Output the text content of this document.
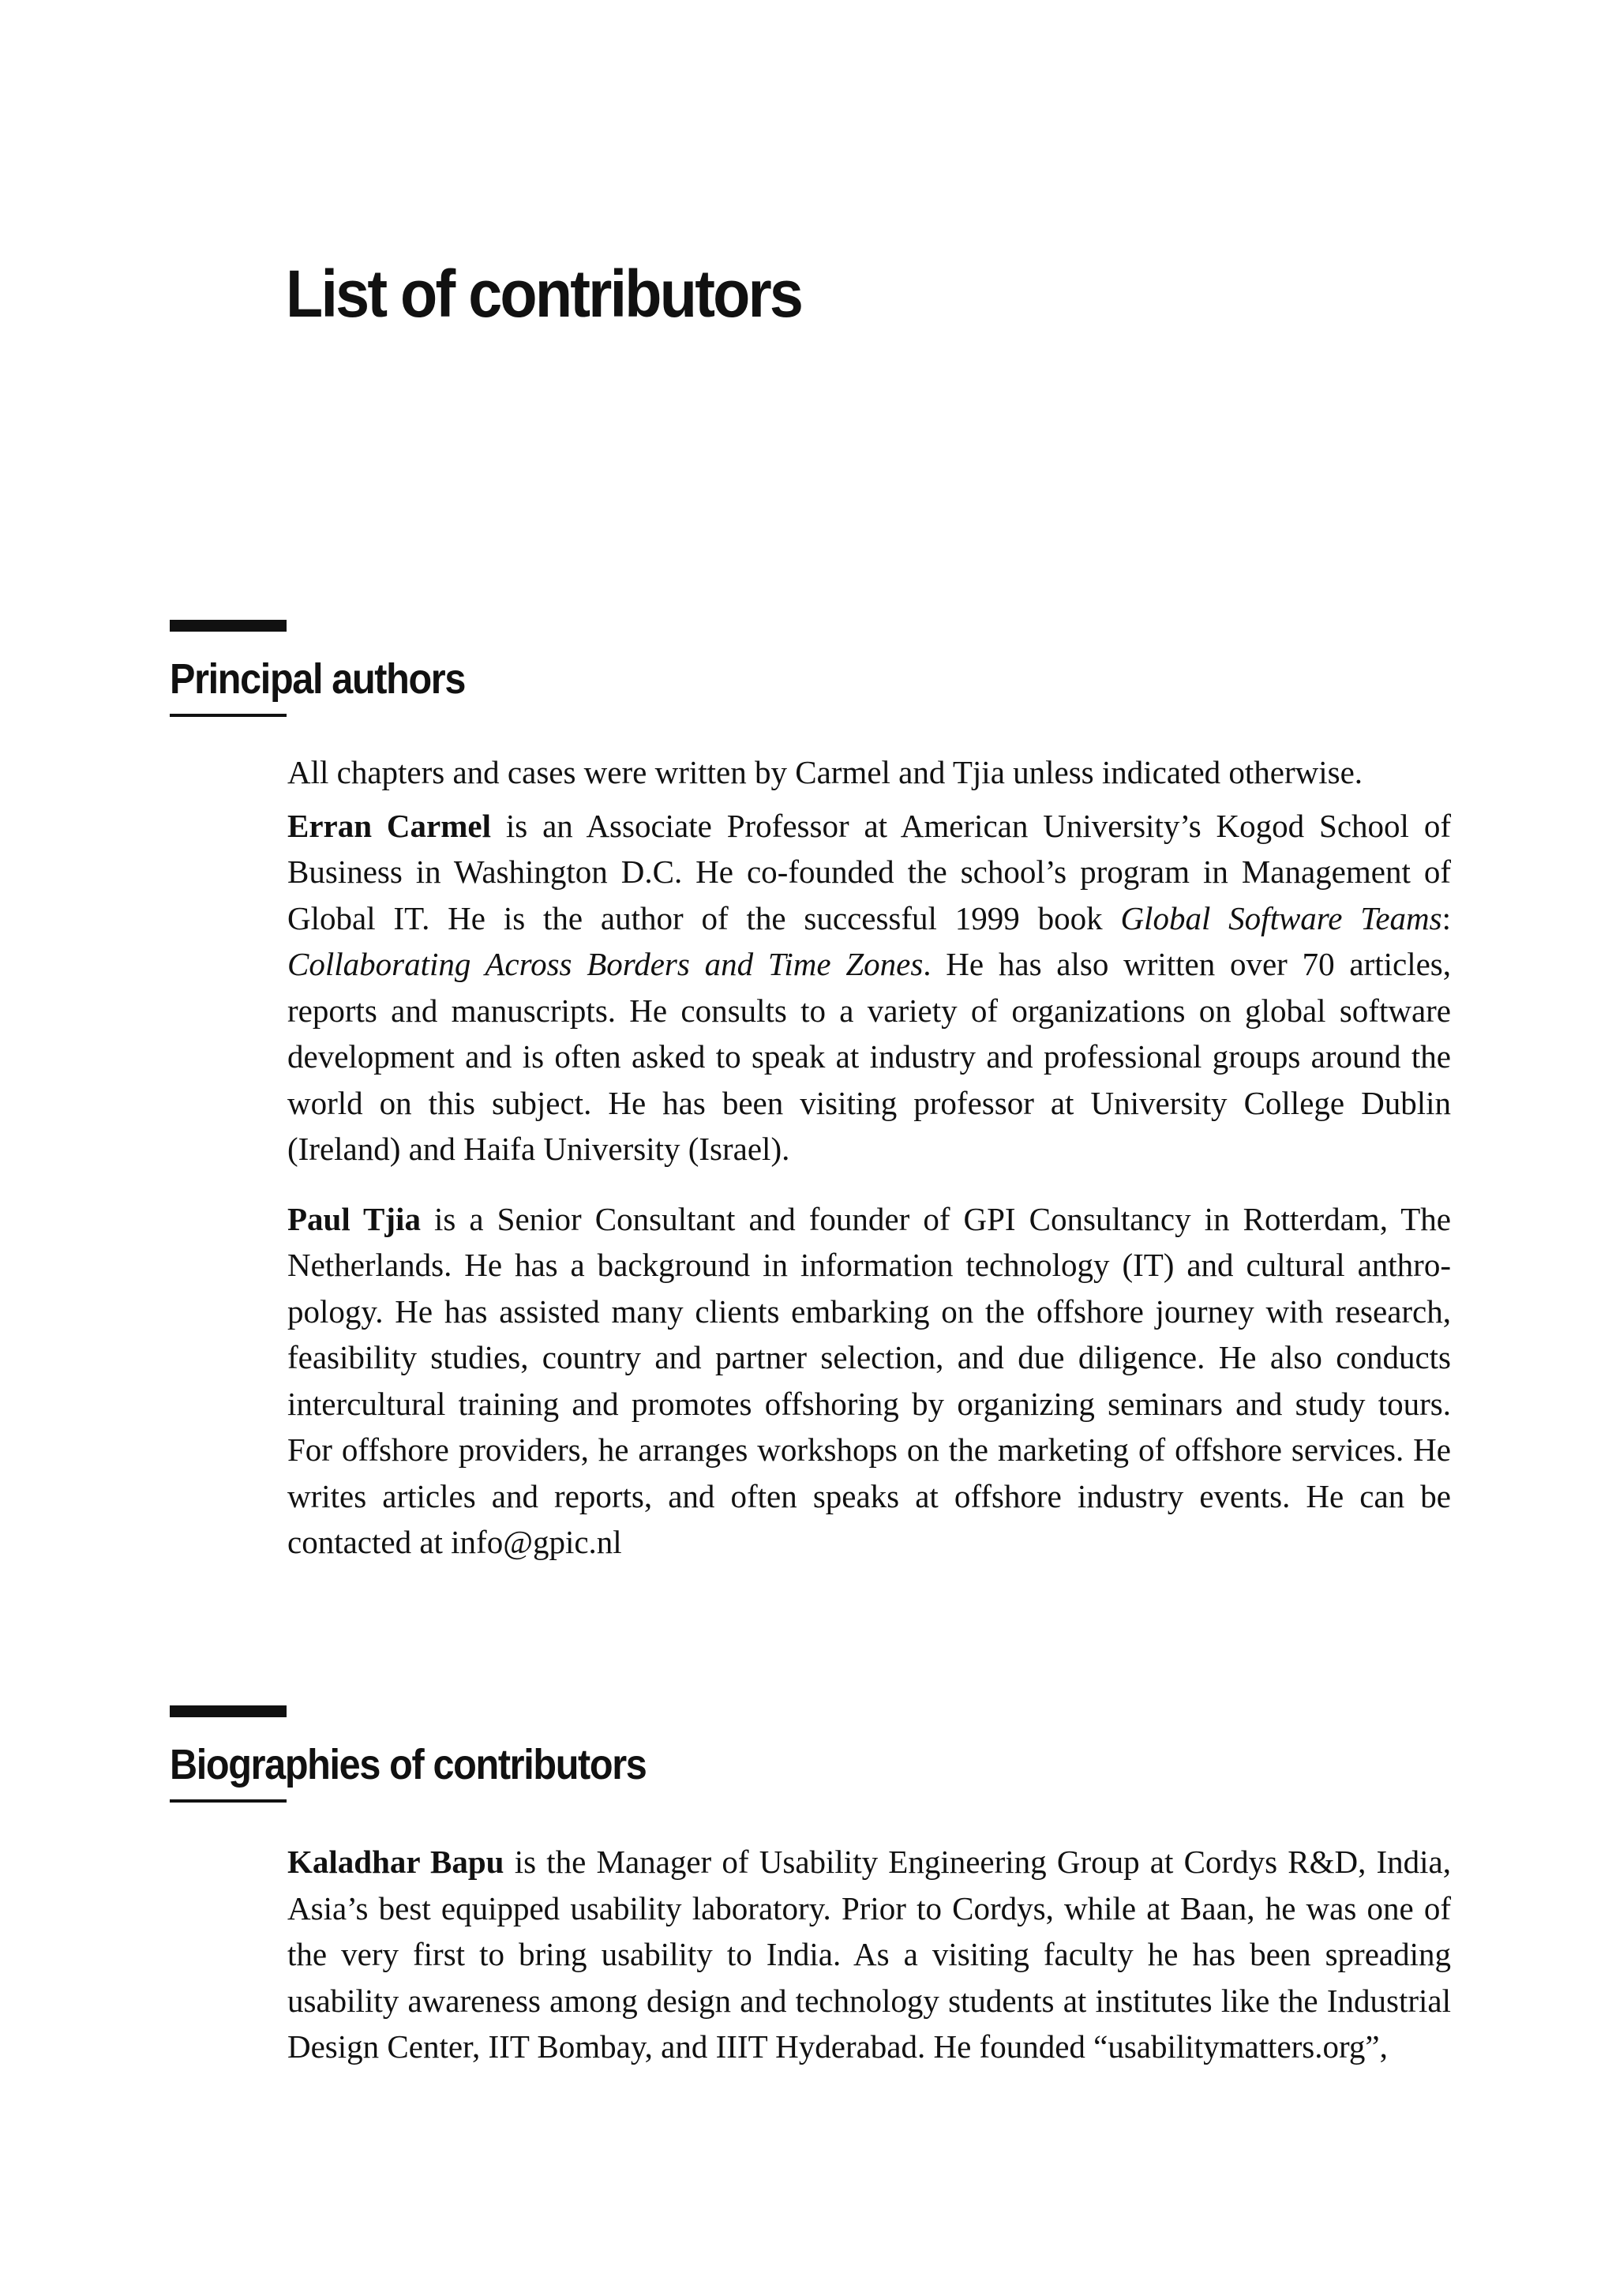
List of contributors
Principal authors

All chapters and cases were written by Carmel and Tjia unless indicated otherwise.

Erran Carmel is an Associate Professor at American University’s Kogod School of Business in Washington D.C. He co-founded the school’s program in Management of Global IT. He is the author of the successful 1999 book Global Software Teams: Collaborating Across Borders and Time Zones. He has also written over 70 articles, reports and manuscripts. He consults to a variety of organizations on global software development and is often asked to speak at industry and professional groups around the world on this subject. He has been visiting professor at University College Dublin (Ireland) and Haifa University (Israel).

Paul Tjia is a Senior Consultant and founder of GPI Consultancy in Rotterdam, The Netherlands. He has a background in information technology (IT) and cultural anthropology. He has assisted many clients embarking on the offshore journey with research, feasibility studies, country and partner selection, and due diligence. He also conducts intercultural training and promotes offshoring by organizing seminars and study tours. For offshore providers, he arranges workshops on the marketing of offshore services. He writes articles and reports, and often speaks at offshore industry events. He can be contacted at info@gpic.nl

Biographies of contributors

Kaladhar Bapu is the Manager of Usability Engineering Group at Cordys R&D, India, Asia’s best equipped usability laboratory. Prior to Cordys, while at Baan, he was one of the very first to bring usability to India. As a visiting faculty he has been spreading usability awareness among design and technology students at institutes like the Industrial Design Center, IIT Bombay, and IIIT Hyderabad. He founded “usabilitymatters.org”,
